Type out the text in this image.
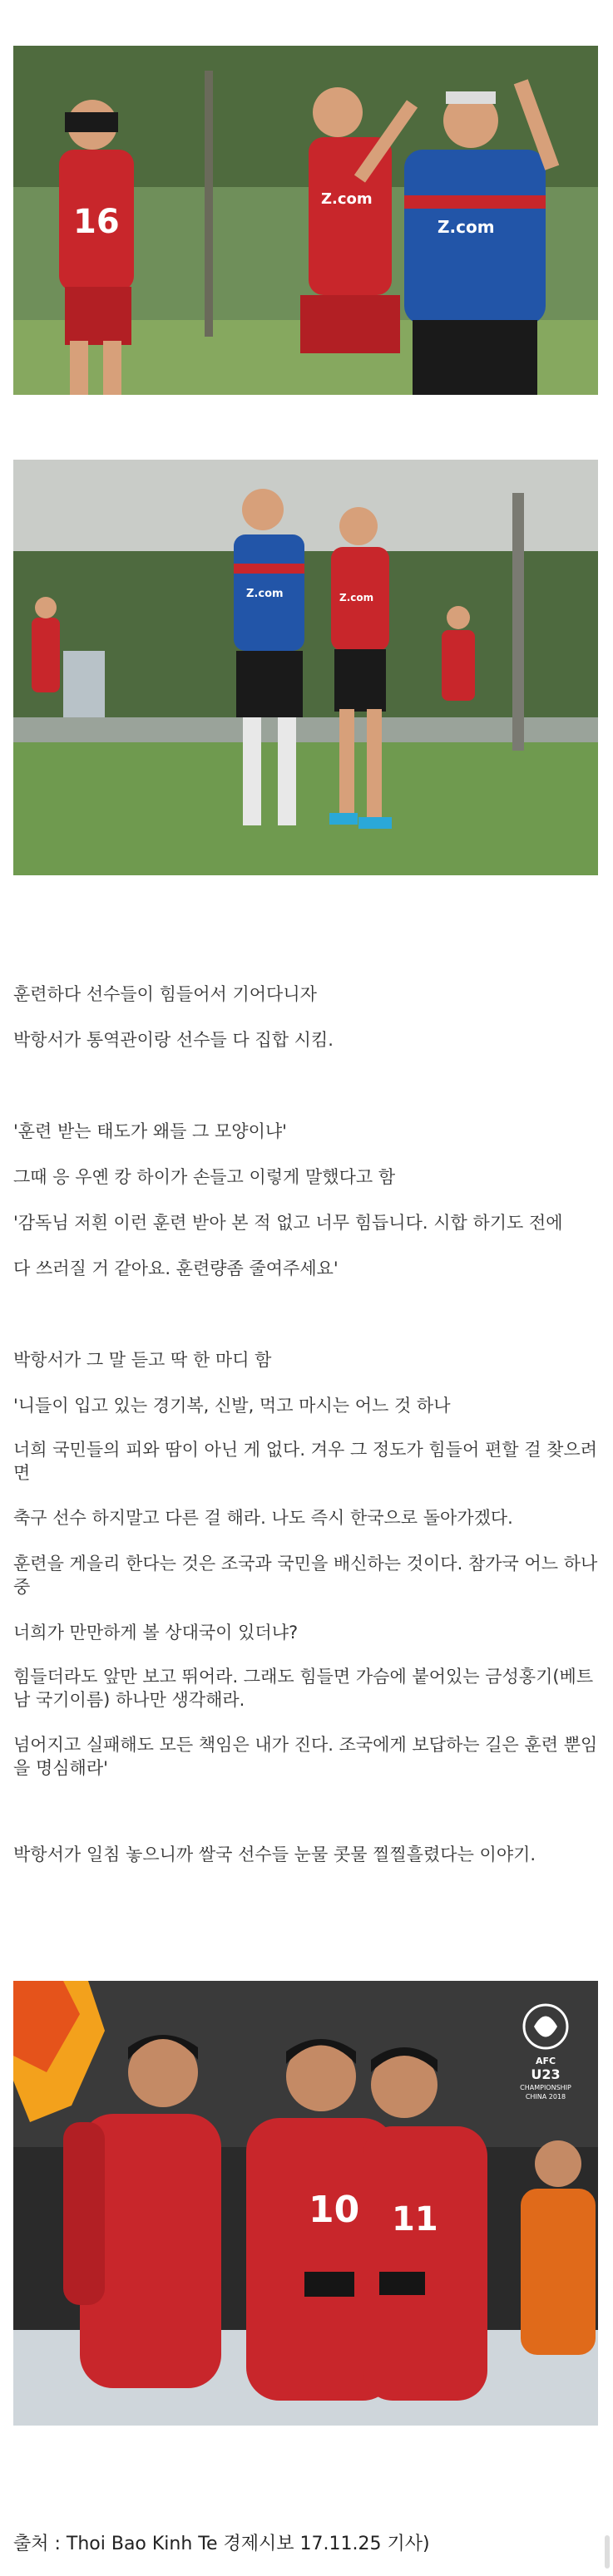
16
Z.com
Z.com
Z.com	Z.com
훈련하다 선수들이 힘들어서 기어다니자
박항서가 통역관이랑 선수들 다 집합 시킴.
'훈련 받는 태도가 왜들 그 모양이냐'
그때 응 우옌 캉 하이가 손들고 이렇게 말했다고 함
'감독님 저흰 이런 훈련 받아 본 적 없고 너무 힘듭니다. 시합 하기도 전에
다 쓰러질 거 같아요. 훈련량좀 줄여주세요'
박항서가 그 말 듣고 딱 한 마디 함
'니들이 입고 있는 경기복, 신발, 먹고 마시는 어느 것 하나
너희 국민들의 피와 땀이 아닌 게 없다. 겨우 그 정도가 힘들어 편할 걸 찾으려면
축구 선수 하지말고 다른 걸 해라. 나도 즉시 한국으로 돌아가겠다.
훈련을 게을리 한다는 것은 조국과 국민을 배신하는 것이다. 참가국 어느 하나중
너희가 만만하게 볼 상대국이 있더냐?
힘들더라도 앞만 보고 뛰어라. 그래도 힘들면 가슴에 붙어있는 금성홍기(베트남 국기이름) 하나만 생각해라.
넘어지고 실패해도 모든 책임은 내가 진다. 조국에게 보답하는 길은 훈련 뿐임을 명심해라'
박항서가 일침 놓으니까 쌀국 선수들 눈물 콧물 찔찔흘렸다는 이야기.
10 11
AFC
U23
CHAMPIONSHIP
CHINA 2018
출처 : Thoi Bao Kinh Te 경제시보 17.11.25 기사)
